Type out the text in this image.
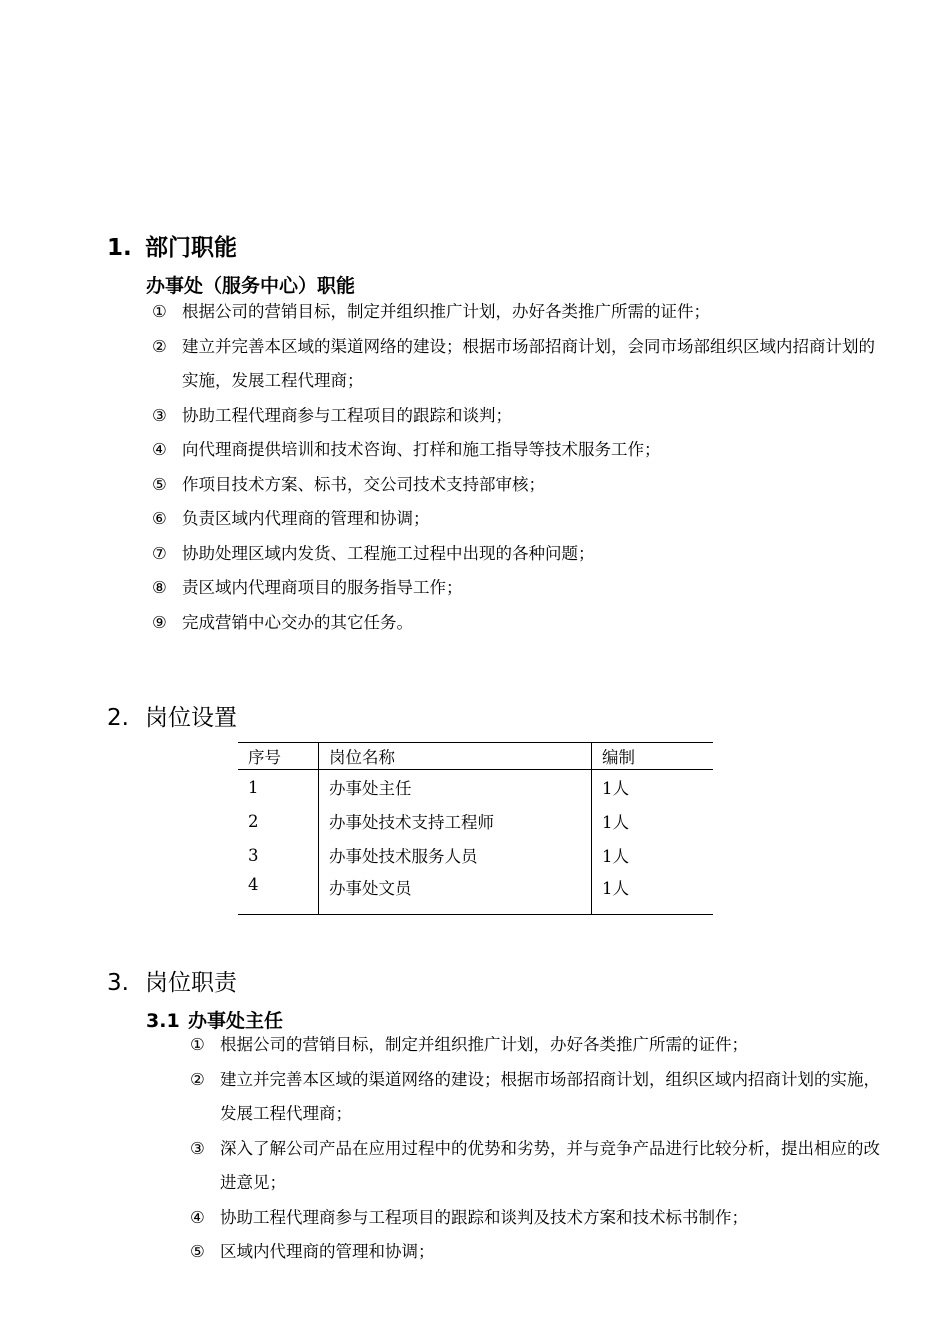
1. 部门职能
办事处（服务中心）职能
① 根据公司的营销目标，制定并组织推广计划，办好各类推广所需的证件；
② 建立并完善本区域的渠道网络的建设；根据市场部招商计划，会同市场部组织区域内招商计划的实施，发展工程代理商；
③ 协助工程代理商参与工程项目的跟踪和谈判；
④ 向代理商提供培训和技术咨询、打样和施工指导等技术服务工作；
⑤ 作项目技术方案、标书，交公司技术支持部审核；
⑥ 负责区域内代理商的管理和协调；
⑦ 协助处理区域内发货、工程施工过程中出现的各种问题；
⑧ 责区域内代理商项目的服务指导工作；
⑨ 完成营销中心交办的其它任务。
2. 岗位设置
序号	岗位名称	编制
1	办事处主任	1人
2	办事处技术支持工程师	1人
3	办事处技术服务人员	1人
4	办事处文员	1人
3. 岗位职责
3.1 办事处主任
① 根据公司的营销目标，制定并组织推广计划，办好各类推广所需的证件；
② 建立并完善本区域的渠道网络的建设；根据市场部招商计划，组织区域内招商计划的实施，发展工程代理商；
③ 深入了解公司产品在应用过程中的优势和劣势，并与竞争产品进行比较分析，提出相应的改进意见；
④ 协助工程代理商参与工程项目的跟踪和谈判及技术方案和技术标书制作；
⑤ 区域内代理商的管理和协调；
